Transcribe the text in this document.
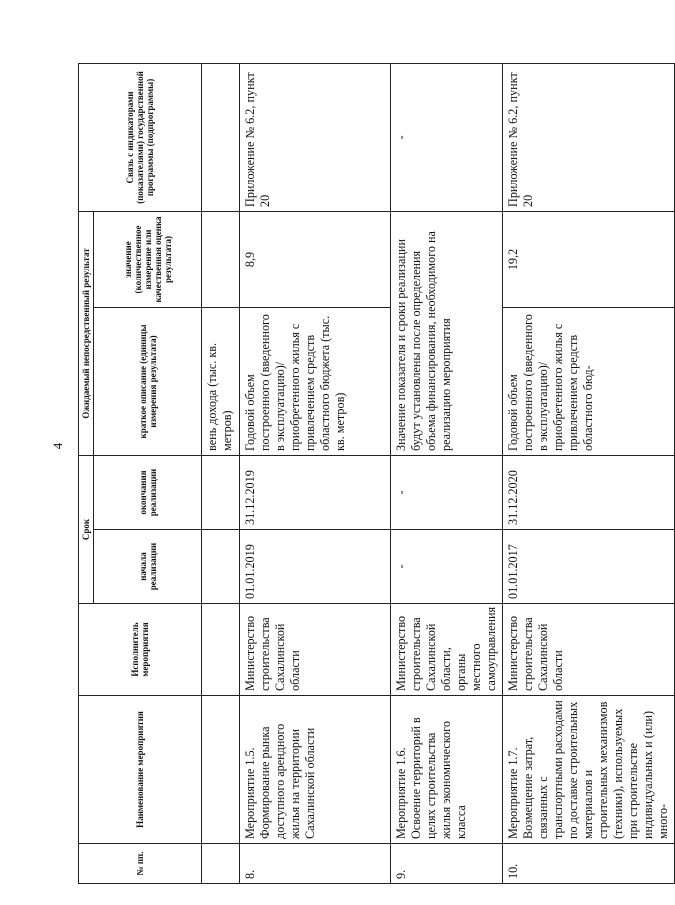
4
№ пп.	Наименование мероприятия	Исполнитель мероприятия	Срок		Ожидаемый непосредственный результат		Связь с индикаторами (показателями) государственной программы (подпрограммы)
			начала реализации	окончания реализации	краткое описание (единицы измерения результата)	значение (количественное измерение или качественная оценка результата)	
					вень дохода (тыс. кв. метров)		
8.	Мероприятие 1.5. Формирование рынка доступного арендного жилья на территории Сахалинской области	Министерство строительства Сахалинской области	01.01.2019	31.12.2019	Годовой объем построенного (введенного в эксплуатацию)/ приобретенного жилья с привлечением средств областного бюджета (тыс. кв. метров)	8,9	Приложение № 6.2, пункт 20
9.	Мероприятие 1.6. Освоение территорий в целях строительства жилья экономического класса	Министерство строительства Сахалинской области, органы местного самоуправления	-	-	Значение показателя и сроки реализации будут установлены после определения объема финансирования, необходимого на реализацию мероприятия		-
10.	Мероприятие 1.7. Возмещение затрат, связанных с транспортными расходами по доставке строительных материалов и строительных механизмов (техники), используемых при строительстве индивидуальных и (или) много-	Министерство строительства Сахалинской области	01.01.2017	31.12.2020	Годовой объем построенного (введенного в эксплуатацию)/ приобретенного жилья с привлечением средств областного бюд-	19,2	Приложение № 6.2, пункт 20
